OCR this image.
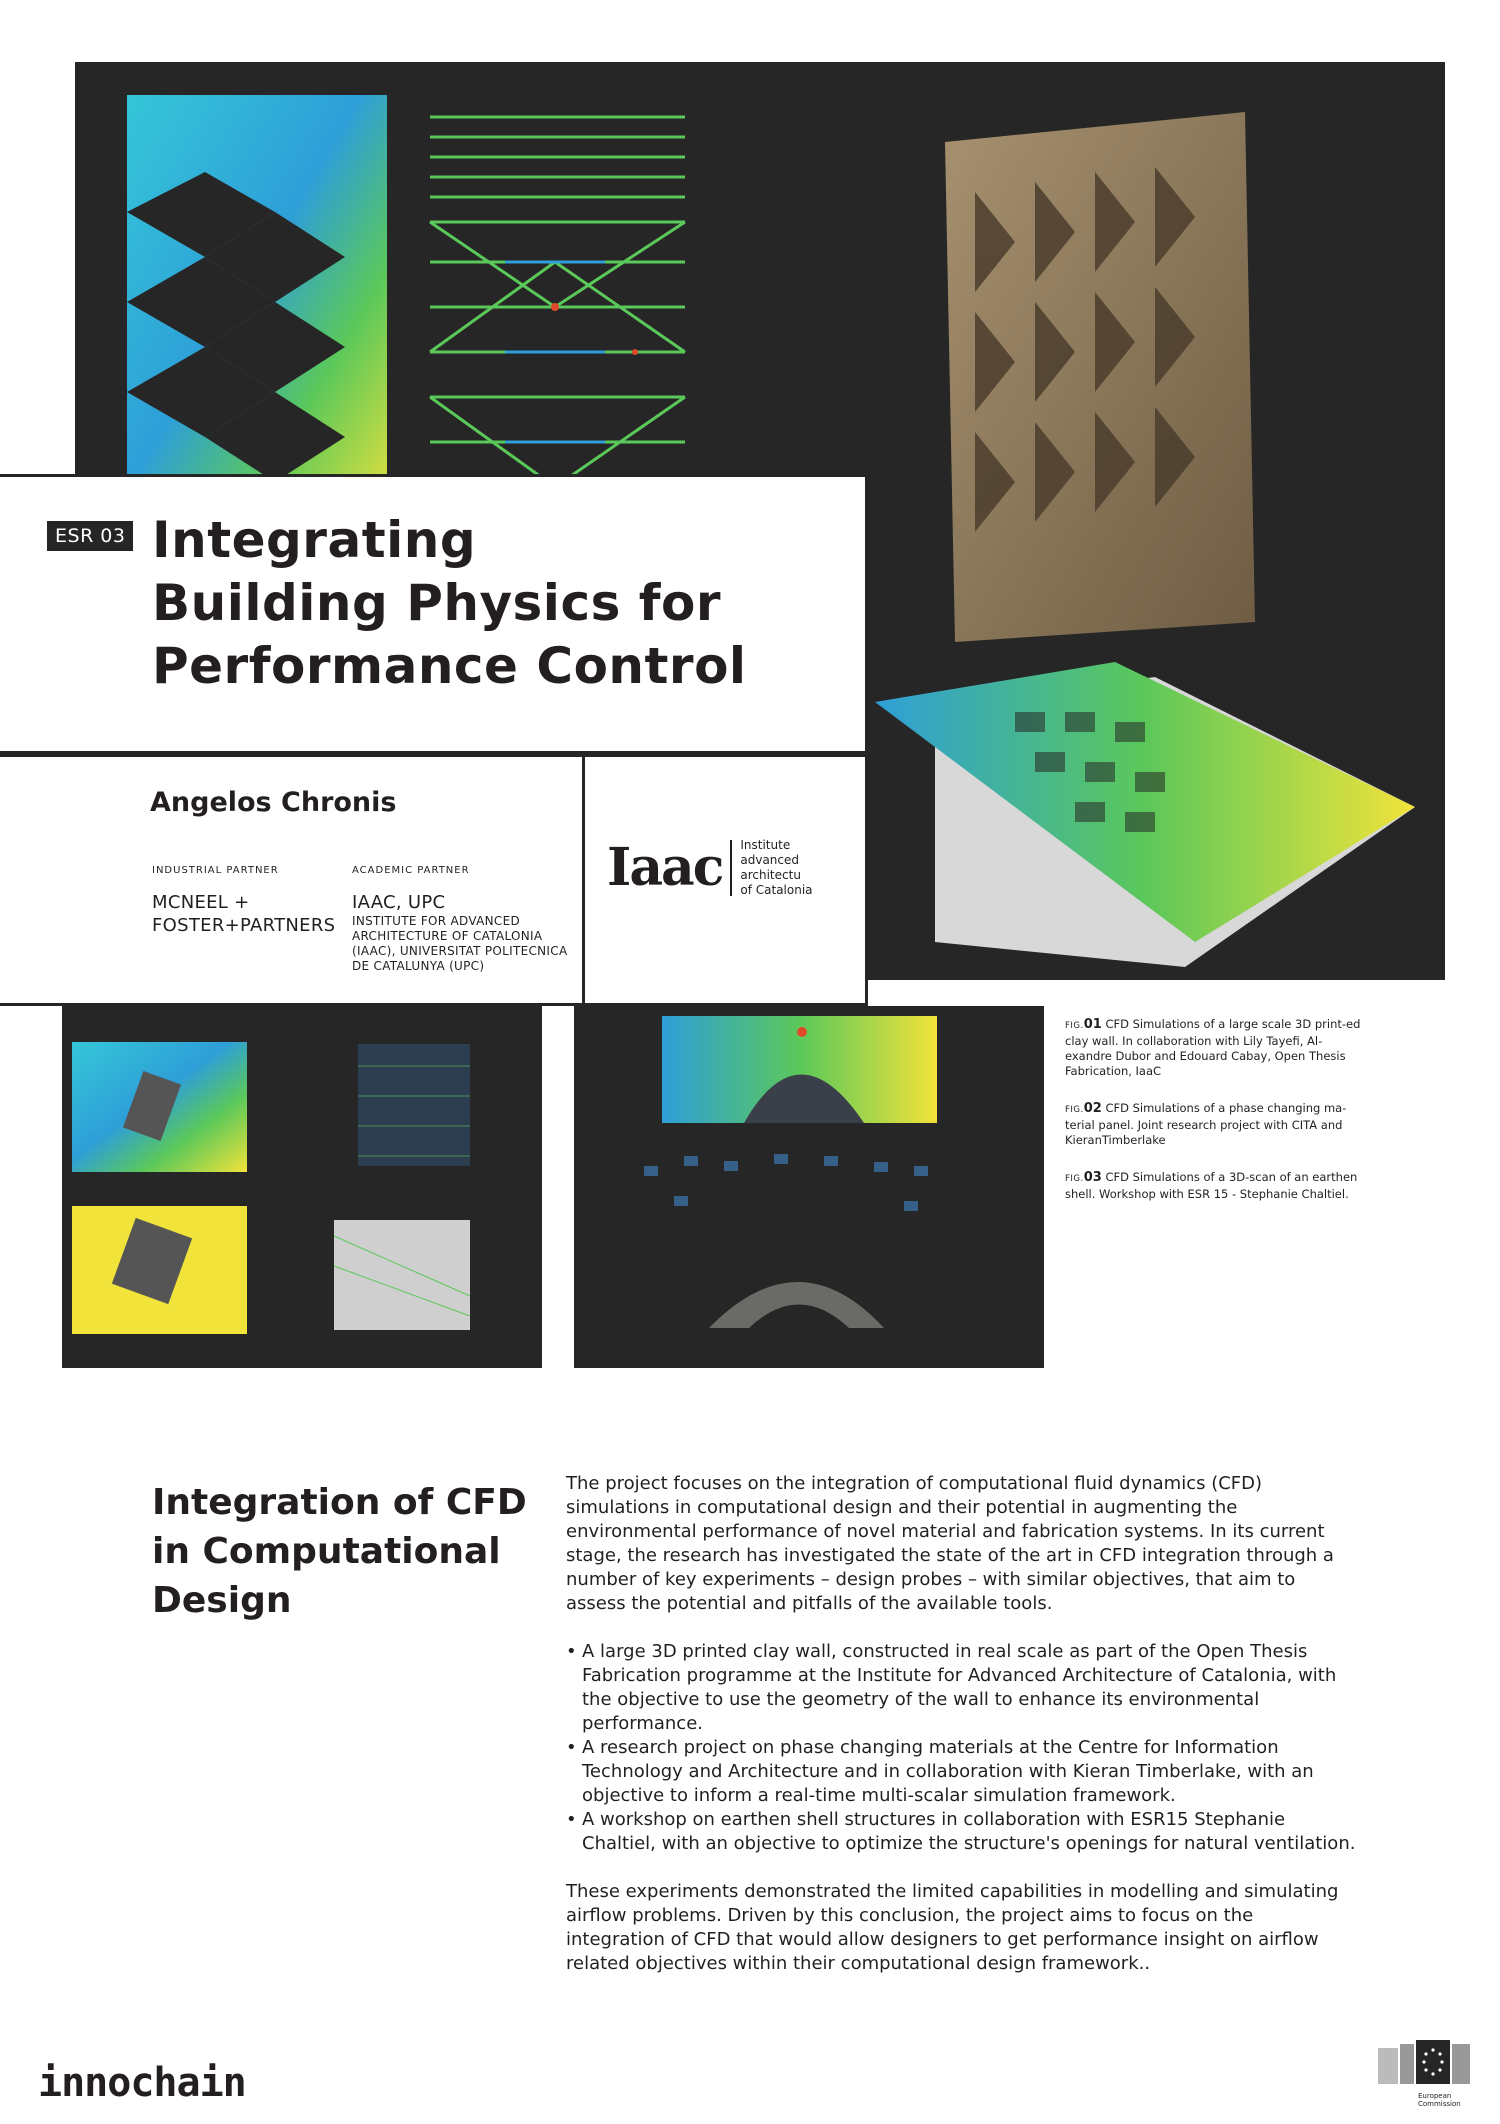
ESR 03 Integrating
Building Physics for
Performance Control
Angelos Chronis
INDUSTRIAL PARTNER
MCNEEL +
FOSTER+PARTNERS
ACADEMIC PARTNER
IAAC, UPC
INSTITUTE FOR ADVANCED
ARCHITECTURE OF CATALONIA
(IAAC), UNIVERSITAT POLITECNICA
DE CATALUNYA (UPC)
Iaac Institute
advanced
architectu
of Catalonia
FIG.01 CFD Simulations of a large scale 3D print-ed clay wall. In collaboration with Lily Tayefi, Al-exandre Dubor and Edouard Cabay, Open Thesis Fabrication, IaaC
FIG.02 CFD Simulations of a phase changing ma-terial panel. Joint research project with CITA and KieranTimberlake
FIG.03 CFD Simulations of a 3D-scan of an earthen shell. Workshop with ESR 15 - Stephanie Chaltiel.
Integration of CFD
in Computational
Design

The project focuses on the integration of computational fluid dynamics (CFD) simulations in computational design and their potential in augmenting the environmental performance of novel material and fabrication systems. In its current stage, the research has investigated the state of the art in CFD integration through a number of key experiments – design probes – with similar objectives, that aim to assess the potential and pitfalls of the available tools.

• A large 3D printed clay wall, constructed in real scale as part of the Open Thesis Fabrication programme at the Institute for Advanced Architecture of Catalonia, with the objective to use the geometry of the wall to enhance its environmental performance.
• A research project on phase changing materials at the Centre for Information Technology and Architecture and in collaboration with Kieran Timberlake, with an objective to inform a real-time multi-scalar simulation framework.
• A workshop on earthen shell structures in collaboration with ESR15 Stephanie Chaltiel, with an objective to optimize the structure's openings for natural ventilation.

These experiments demonstrated the limited capabilities in modelling and simulating airflow problems. Driven by this conclusion, the project aims to focus on the integration of CFD that would allow designers to get performance insight on airflow related objectives within their computational design framework..

innochain	European
Commission
